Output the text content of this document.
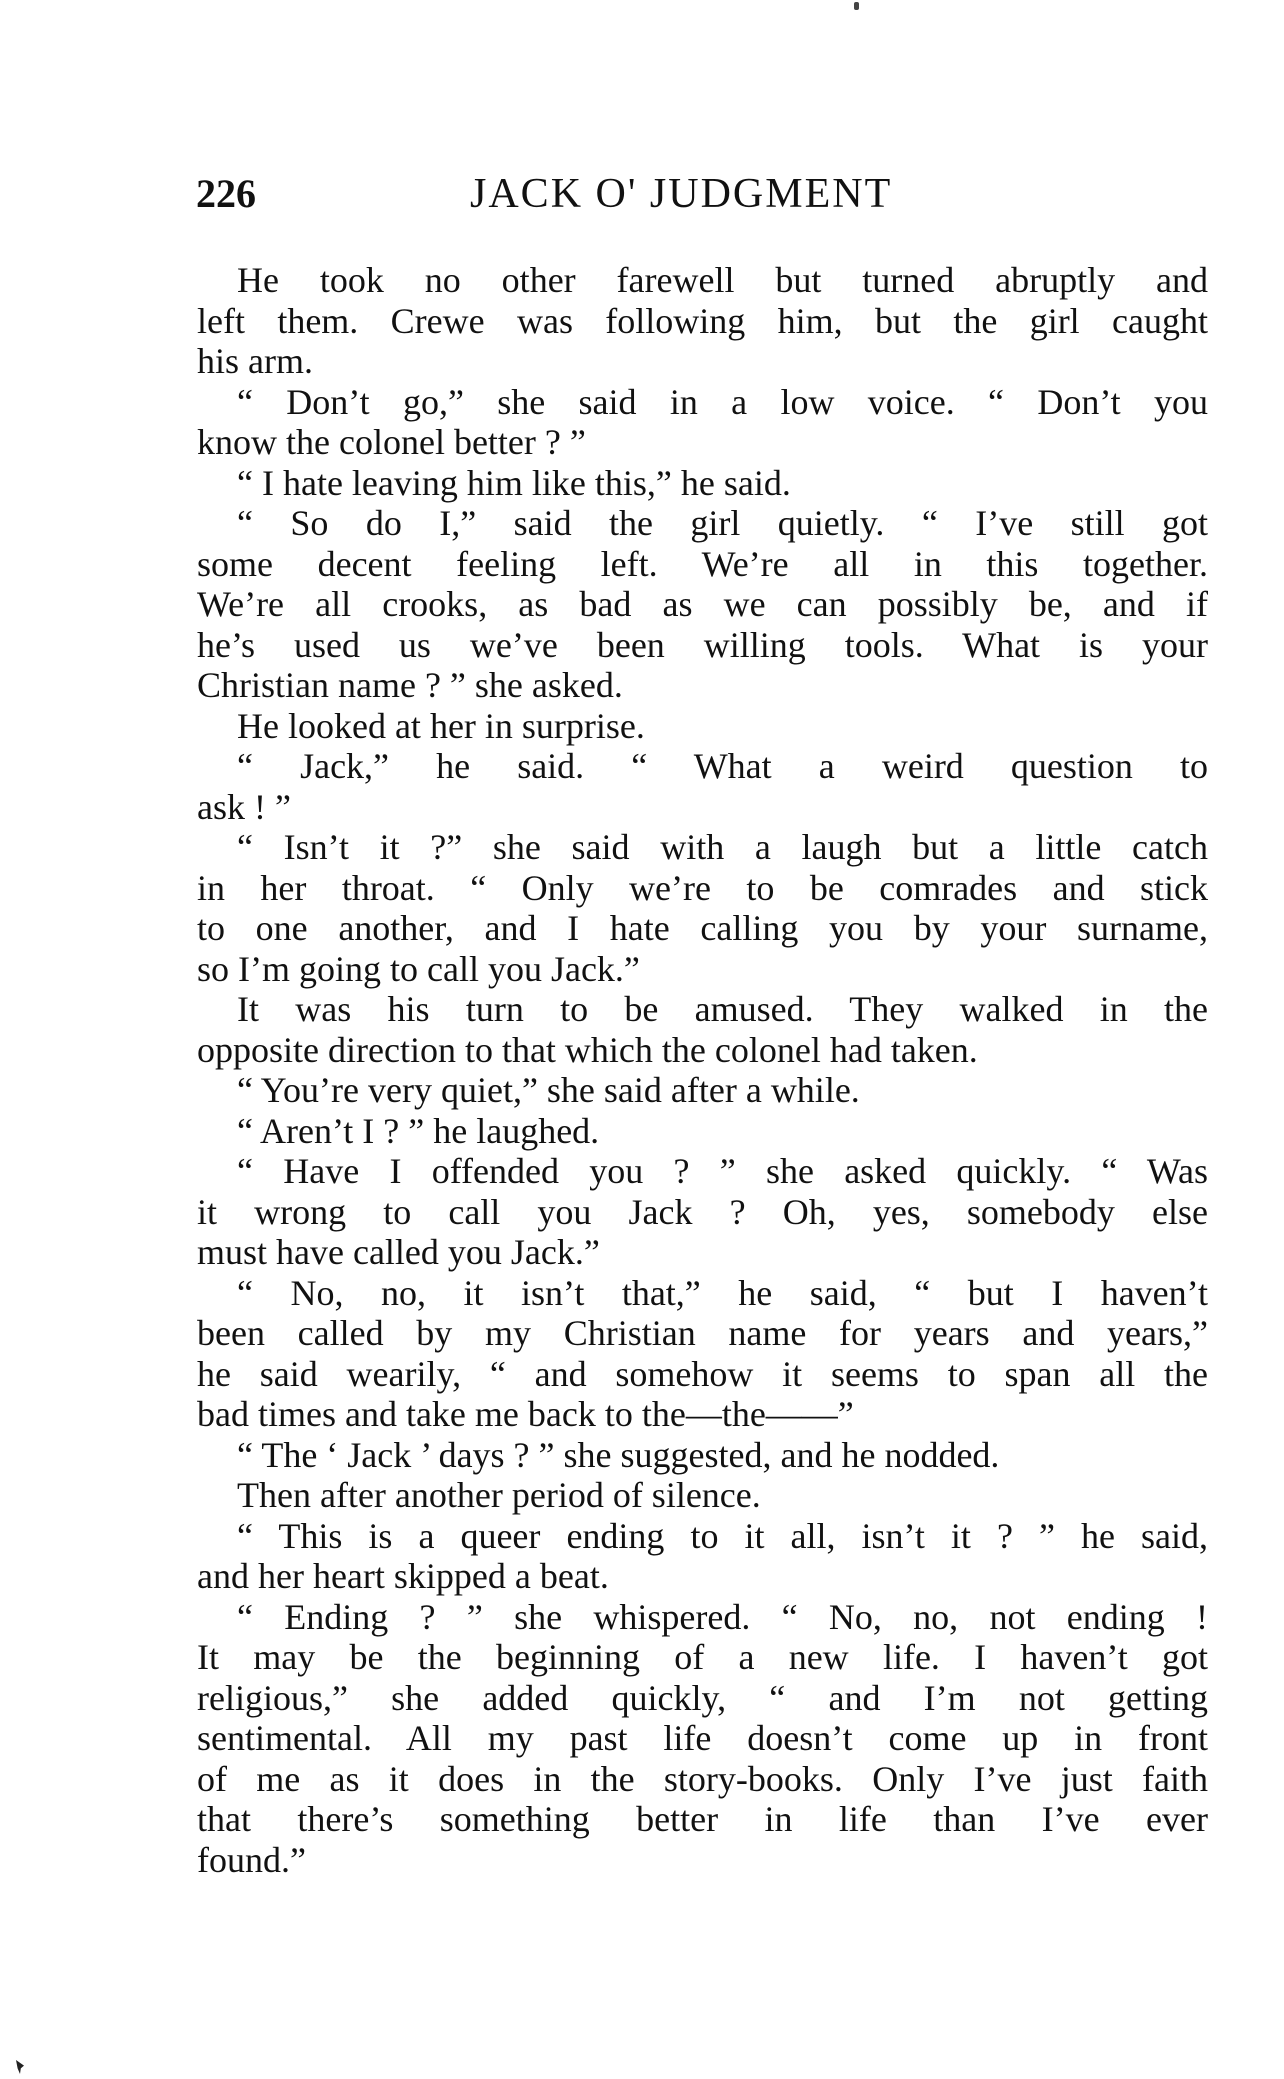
226	JACK O' JUDGMENT
He took no other farewell but turned abruptly and
left them. Crewe was following him, but the girl caught
his arm.
“ Don’t go,” she said in a low voice. “ Don’t you
know the colonel better ? ”
“ I hate leaving him like this,” he said.
“ So do I,” said the girl quietly. “ I’ve still got
some decent feeling left. We’re all in this together.
We’re all crooks, as bad as we can possibly be, and if
he’s used us we’ve been willing tools. What is your
Christian name ? ” she asked.
He looked at her in surprise.
“ Jack,” he said. “ What a weird question to
ask ! ”
“ Isn’t it ?” she said with a laugh but a little catch
in her throat. “ Only we’re to be comrades and stick
to one another, and I hate calling you by your surname,
so I’m going to call you Jack.”
It was his turn to be amused. They walked in the
opposite direction to that which the colonel had taken.
“ You’re very quiet,” she said after a while.
“ Aren’t I ? ” he laughed.
“ Have I offended you ? ” she asked quickly. “ Was
it wrong to call you Jack ? Oh, yes, somebody else
must have called you Jack.”
“ No, no, it isn’t that,” he said, “ but I haven’t
been called by my Christian name for years and years,”
he said wearily, “ and somehow it seems to span all the
bad times and take me back to the—the——”
“ The ‘ Jack ’ days ? ” she suggested, and he nodded.
Then after another period of silence.
“ This is a queer ending to it all, isn’t it ? ” he said,
and her heart skipped a beat.
“ Ending ? ” she whispered. “ No, no, not ending !
It may be the beginning of a new life. I haven’t got
religious,” she added quickly, “ and I’m not getting
sentimental. All my past life doesn’t come up in front
of me as it does in the story-books. Only I’ve just faith
that there’s something better in life than I’ve ever
found.”
